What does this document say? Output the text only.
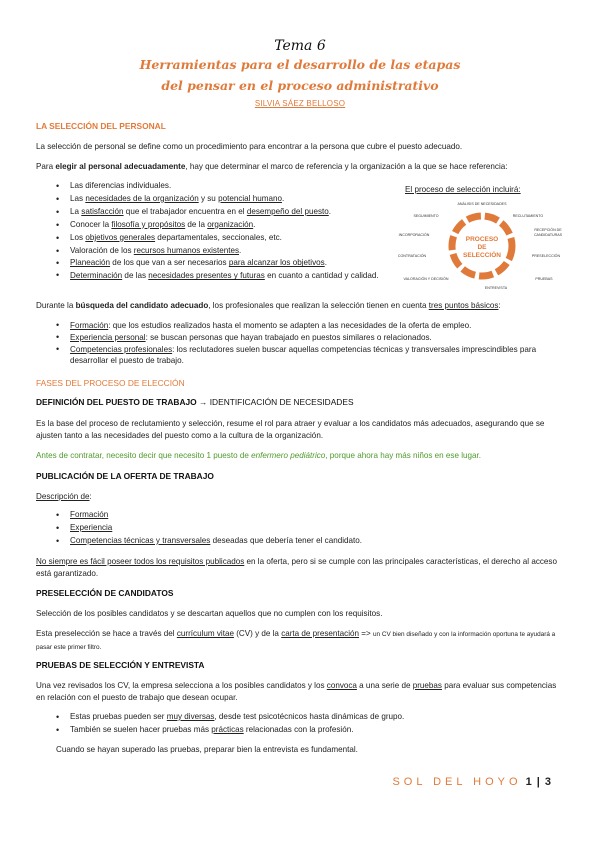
Tema 6
Herramientas para el desarrollo de las etapas
del pensar en el proceso administrativo
SILVIA SÁEZ BELLOSO
LA SELECCIÓN DEL PERSONAL
La selección de personal se define como un procedimiento para encontrar a la persona que cubre el puesto adecuado.
Para elegir al personal adecuadamente, hay que determinar el marco de referencia y la organización a la que se hace referencia:
• Las diferencias individuales.
• Las necesidades de la organización y su potencial humano.
• La satisfacción que el trabajador encuentra en el desempeño del puesto.
• Conocer la filosofía y propósitos de la organización.
• Los objetivos generales departamentales, seccionales, etc.
• Valoración de los recursos humanos existentes.
• Planeación de los que van a ser necesarios para alcanzar los objetivos.
• Determinación de las necesidades presentes y futuras en cuanto a cantidad y calidad.
El proceso de selección incluirá:
PROCESO
DE
SELECCIÓN
ANÁLISIS DE NECESIDADES
RECLUTAMIENTO
RECEPCIÓN DE
CANDIDATURAS
PRESELECCIÓN
PRUEBAS
ENTREVISTA
VALORACIÓN Y DECISIÓN
CONTRATACIÓN
INCORPORACIÓN
SEGUIMIENTO
Durante la búsqueda del candidato adecuado, los profesionales que realizan la selección tienen en cuenta tres puntos básicos:
• Formación: que los estudios realizados hasta el momento se adapten a las necesidades de la oferta de empleo.
• Experiencia personal: se buscan personas que hayan trabajado en puestos similares o relacionados.
• Competencias profesionales: los reclutadores suelen buscar aquellas competencias técnicas y transversales imprescindibles para desarrollar el puesto de trabajo.
FASES DEL PROCESO DE ELECCIÓN
DEFINICIÓN DEL PUESTO DE TRABAJO → IDENTIFICACIÓN DE NECESIDADES
Es la base del proceso de reclutamiento y selección, resume el rol para atraer y evaluar a los candidatos más adecuados, asegurando que se ajusten tanto a las necesidades del puesto como a la cultura de la organización.
Antes de contratar, necesito decir que necesito 1 puesto de enfermero pediátrico, porque ahora hay más niños en ese lugar.
PUBLICACIÓN DE LA OFERTA DE TRABAJO
Descripción de:
• Formación
• Experiencia
• Competencias técnicas y transversales deseadas que debería tener el candidato.
No siempre es fácil poseer todos los requisitos publicados en la oferta, pero si se cumple con las principales características, el derecho al acceso está garantizado.
PRESELECCIÓN DE CANDIDATOS
Selección de los posibles candidatos y se descartan aquellos que no cumplen con los requisitos.
Esta preselección se hace a través del currículum vitae (CV) y de la carta de presentación => un CV bien diseñado y con la información oportuna te ayudará a pasar este primer filtro.
PRUEBAS DE SELECCIÓN Y ENTREVISTA
Una vez revisados los CV, la empresa selecciona a los posibles candidatos y los convoca a una serie de pruebas para evaluar sus competencias en relación con el puesto de trabajo que desean ocupar.
• Estas pruebas pueden ser muy diversas, desde test psicotécnicos hasta dinámicas de grupo.
• También se suelen hacer pruebas más prácticas relacionadas con la profesión.
Cuando se hayan superado las pruebas, preparar bien la entrevista es fundamental.
SOL DEL HOYO 1 | 3
